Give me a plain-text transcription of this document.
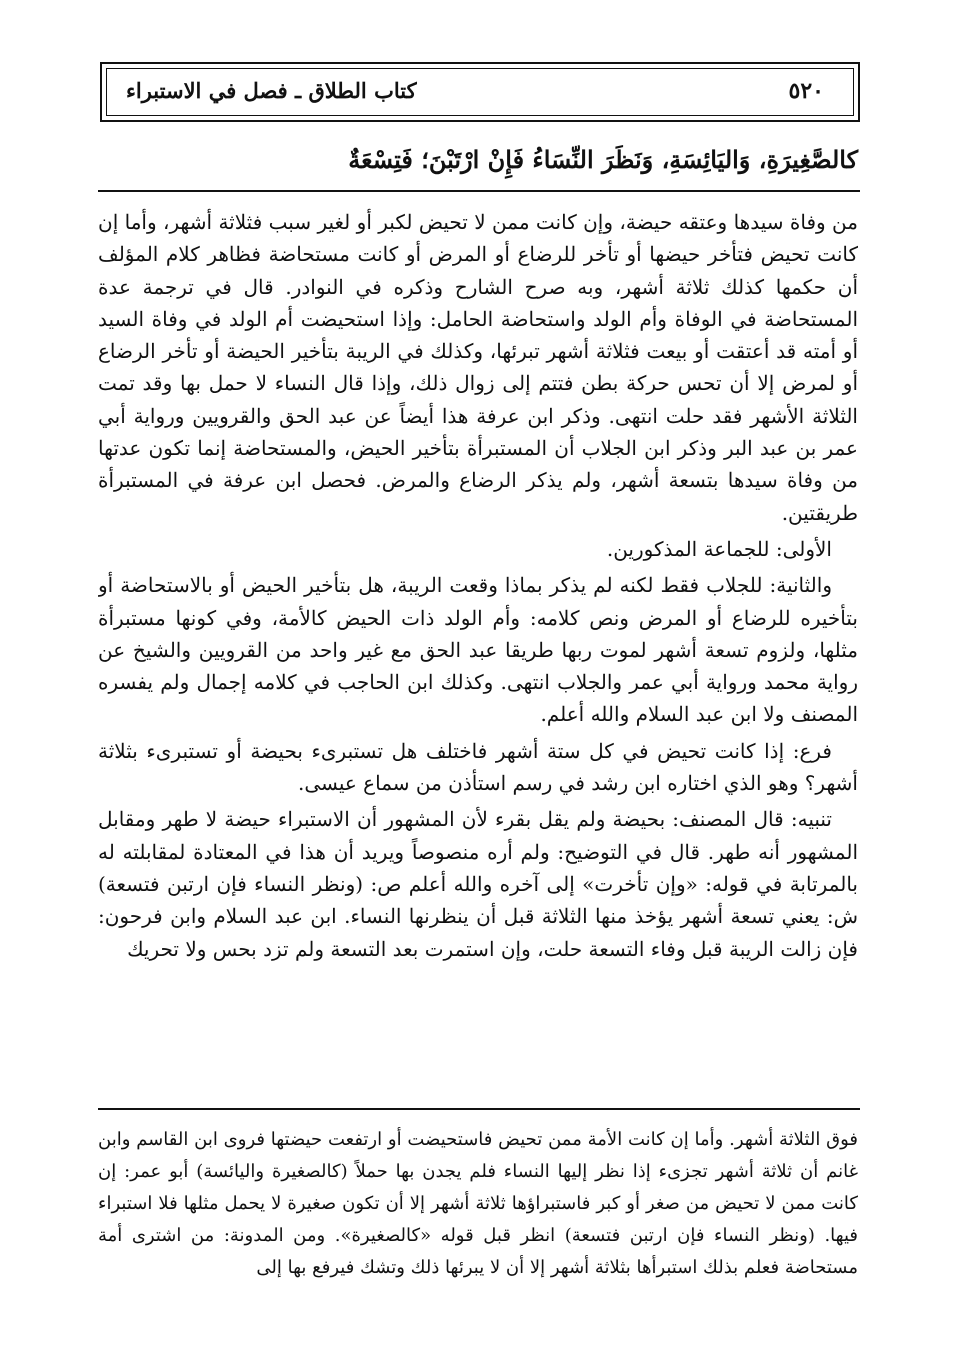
كتاب الطلاق ـ فصل في الاستبراء	٥٢٠
كالصَّغِيرَةِ، وَاليَائِسَةِ، وَنَظَرَ النِّسَاءُ فَإِنْ ارْتَبْنَ؛ فَتِسْعَةٌ

من وفاة سيدها وعتقه حيضة، وإن كانت ممن لا تحيض لكبر أو لغير سبب فثلاثة أشهر، وأما إن كانت تحيض فتأخر حيضها أو تأخر للرضاع أو المرض أو كانت مستحاضة فظاهر كلام المؤلف أن حكمها كذلك ثلاثة أشهر، وبه صرح الشارح وذكره في النوادر. قال في ترجمة عدة المستحاضة في الوفاة وأم الولد واستحاضة الحامل: وإذا استحيضت أم الولد في وفاة السيد أو أمته قد أعتقت أو بيعت فثلاثة أشهر تبرئها، وكذلك في الريبة بتأخير الحيضة أو تأخر الرضاع أو لمرض إلا أن تحس حركة بطن فتتم إلى زوال ذلك، وإذا قال النساء لا حمل بها وقد تمت الثلاثة الأشهر فقد حلت انتهى. وذكر ابن عرفة هذا أيضاً عن عبد الحق والقرويين ورواية أبي عمر بن عبد البر وذكر ابن الجلاب أن المستبرأة بتأخير الحيض، والمستحاضة إنما تكون عدتها من وفاة سيدها بتسعة أشهر، ولم يذكر الرضاع والمرض. فحصل ابن عرفة في المستبرأة طريقتين.

الأولى: للجماعة المذكورين.

والثانية: للجلاب فقط لكنه لم يذكر بماذا وقعت الريبة، هل بتأخير الحيض أو بالاستحاضة أو بتأخيره للرضاع أو المرض ونص كلامه: وأم الولد ذات الحيض كالأمة، وفي كونها مستبرأة مثلها، ولزوم تسعة أشهر لموت ربها طريقا عبد الحق مع غير واحد من القرويين والشيخ عن رواية محمد ورواية أبي عمر والجلاب انتهى. وكذلك ابن الحاجب في كلامه إجمال ولم يفسره المصنف ولا ابن عبد السلام والله أعلم.

فرع: إذا كانت تحيض في كل ستة أشهر فاختلف هل تستبرىء بحيضة أو تستبرىء بثلاثة أشهر؟ وهو الذي اختاره ابن رشد في رسم استأذن من سماع عيسى.

تنبيه: قال المصنف: بحيضة ولم يقل بقرء لأن المشهور أن الاستبراء حيضة لا طهر ومقابل المشهور أنه طهر. قال في التوضيح: ولم أره منصوصاً ويريد أن هذا في المعتادة لمقابلته له بالمرتابة في قوله: «وإن تأخرت» إلى آخره والله أعلم ص: (ونظر النساء فإن ارتبن فتسعة) ش: يعني تسعة أشهر يؤخذ منها الثلاثة قبل أن ينظرنها النساء. ابن عبد السلام وابن فرحون: فإن زالت الريبة قبل وفاء التسعة حلت، وإن استمرت بعد التسعة ولم تزد بحس ولا تحريك

فوق الثلاثة أشهر. وأما إن كانت الأمة ممن تحيض فاستحيضت أو ارتفعت حيضتها فروى ابن القاسم وابن غانم أن ثلاثة أشهر تجزىء إذا نظر إليها النساء فلم يجدن بها حملاً (كالصغيرة واليائسة) أبو عمر: إن كانت ممن لا تحيض من صغر أو كبر فاستبراؤها ثلاثة أشهر إلا أن تكون صغيرة لا يحمل مثلها فلا استبراء فيها. (ونظر النساء فإن ارتبن فتسعة) انظر قبل قوله «كالصغيرة». ومن المدونة: من اشترى أمة مستحاضة فعلم بذلك استبرأها بثلاثة أشهر إلا أن لا يبرئها ذلك وتشك فيرفع بها إلى
